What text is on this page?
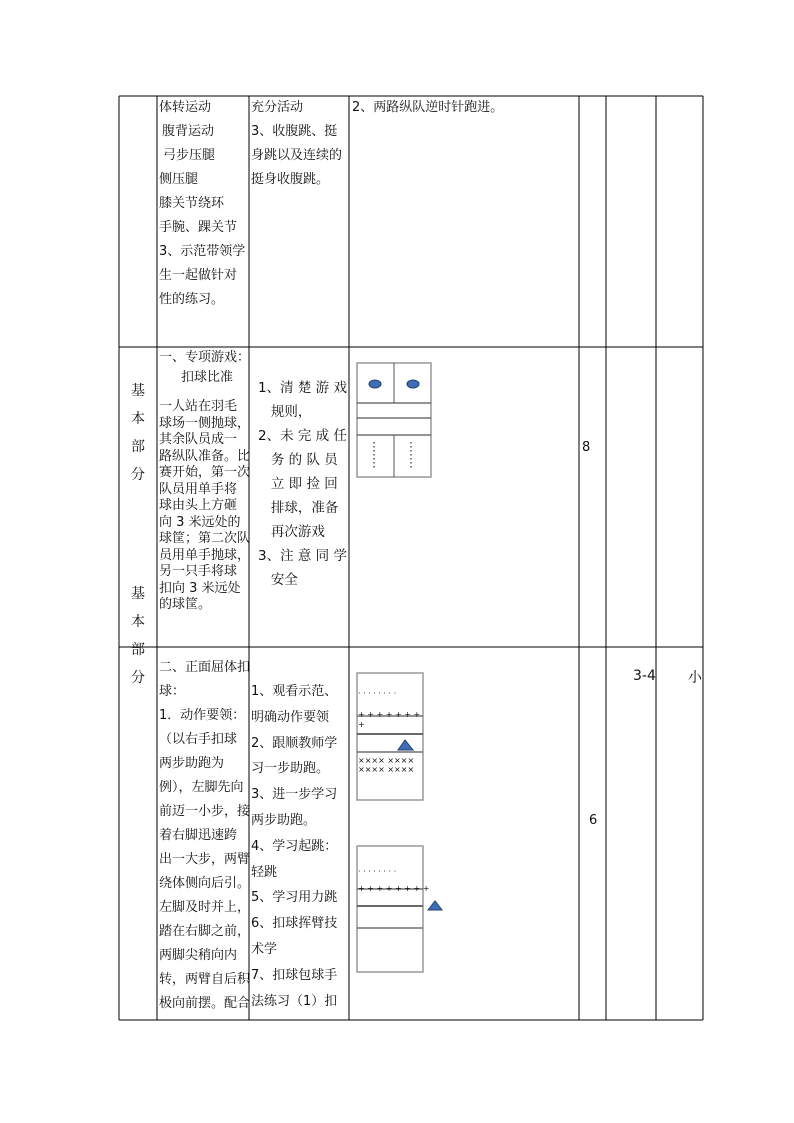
体转运动
腹背运动
弓步压腿
侧压腿
膝关节绕环
手腕、踝关节
3、示范带领学
生一起做针对
性的练习。
充分活动
3、收腹跳、挺
身跳以及连续的
挺身收腹跳。
2、两路纵队逆时针跑进。
基
本
部
分
一、专项游戏：
扣球比准
一人站在羽毛
球场一侧抛球，
其余队员成一
路纵队准备。比
赛开始，第一次
队员用单手将
球由头上方砸
向 3 米远处的
球筐；第二次队
员用单手抛球，
另一只手将球
扣向 3 米远处
的球筐。
1、清 楚 游 戏
规则，
2、未 完 成 任
务 的 队 员
立 即 捡 回
排球，准备
再次游戏
3、注 意 同 学
安全
8
基
本
部
分
二、正面屈体扣
球：
1．动作要领：
（以右手扣球
两步助跑为
例），左脚先向
前迈一小步，接
着右脚迅速跨
出一大步，两臂
绕体侧向后引。
左脚及时并上，
踏在右脚之前，
两脚尖稍向内
转，两臂自后积
极向前摆。配合
1、观看示范、
明确动作要领
2、跟顺教师学
习一步助跑。
3、进一步学习
两步助跑。
4、学习起跳：
轻跳
5、学习用力跳
6、扣球挥臂技
术学
7、扣球包球手
法练习（1）扣
· · · · · · · ·
+ + + + + + + +
×××× ××××
×××× ××××
· · · · · · · ·
+ + + + + + + +
6
3-4 小
